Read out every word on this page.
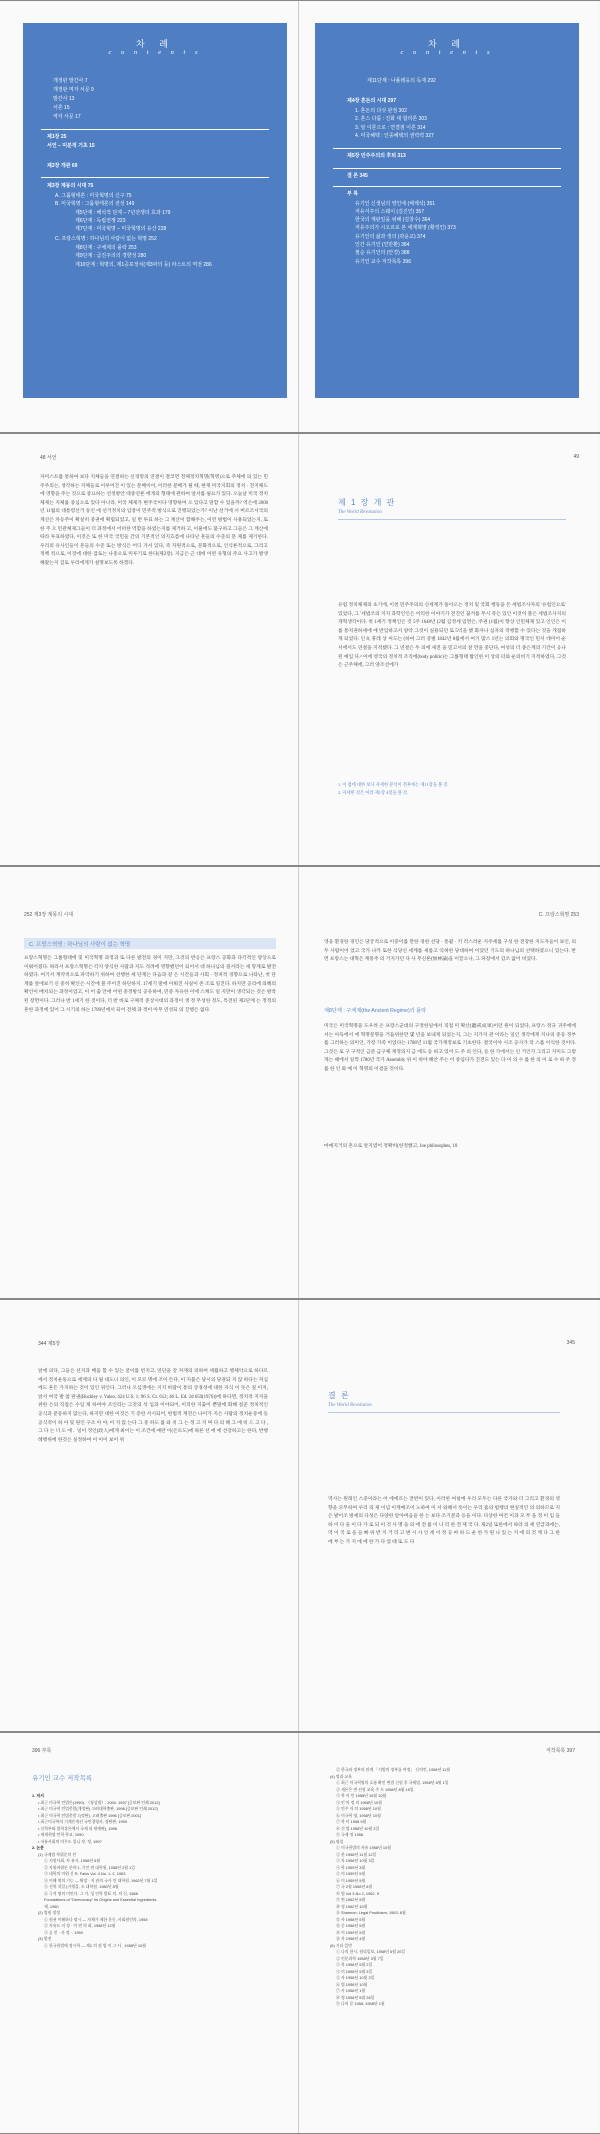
차 례
c o n t e n t s
개정판 발간사 7
개정판 역자 서문 9
발간사 13
서론 15
역자 서문 17
제1장 25
서언 – 미분적 기초 15
제2장 개관 69
제3장 계몽의 시대 75
A. 그룹형태론 : 미국혁명의 신구 75
B. 미국혁명 : 그룹형태론의 전성 149
제5단계 : 해석적 단계 – 7년전쟁의 효과 179
제6단계 : 독립전쟁 223
제7단계 : 미국혁명 – 미국혁명의 유산 228
C. 프랑스혁명 : 하나님의 사람이 없는 혁명 252
제8단계 : 구체제의 몰락 253
제9단계 : 급진주의의 경향성 280
제10단계 : 혁명의, 제1공포정치(제3파의 등) 라스트의 역전 286
차 례
c o n t e n t s
제11단계 : 나폴레옹의 독재 292
제4장 혼돈의 시대 297
1. 혼돈의 다섯 관점 302
2. 혼스 다툼 : 진화 대 합리론 303
3. 암 이론으로 : 연결점 이론 314
4. 미국혜택 : 인종혜택의 권력력 327
제5장 민주주의의 후퇴 313
결 론 345
부 록
유기인 신생님의 영인에 (해제석) 351
저유서주의 스웨이 (김진인) 357
한국의 재판일을 위해 (김창수) 364
저유주의가 시오르로 본 세계혁명 (황적인) 373
유기인의 삶과 생의 (곽윤교) 374
인간 유기인 (인만환) 384
필순 유기인의 (안경) 388
유기인 교수 저작목록 396
48 서언
자미스트를 통하여 보다 지체들을 연결하는 신경망의 연결이 결코면 전체정치혁명(혁명)으로 주체에 의 있는 민주주의는, 생각하는 지체들로 이루어진 이 있는 분배이어, 이러한 분배가 될 때, 현재 미국지회의 정치 · 전지체도에 영향을 주는 것으로 중요하는 선정방안 대중연론 에게의 형태에 관하여 앞서를 필요가 있다. 오늘날 미국 정치체제는 지체를 중심으로 있다 아니라, 미국 체제가 변주국이다 영향하여 오 있다고 말할 수 있을까? 역은에 2000년 11월의 대통령선거 동인 에 선거정치의 입장이 민주적 방식으로 진행되었는가? 이난 선거에 서 버르조서국의 계산은 차등주이 확실히 중권에 확립되었고, 일 반 투표 하는 그 계산이 합해주는, 이런 방법이 사용되었는지, 또한 주 오 민관체제그들이 더 과정에서 어떠한 역할을 하였는지를 제거하 고, 이물에도 불구하고 그들은 그 계산에 따라 투표하였다, 이것은 또 한 미국 국민들 간의 기본적인 의지흐름에 나타난 흔들의 수준의 문 제를 제기한다. 우리의 유사인들이 흔들의 수준 또는 방식은 어디 가서 있다, 즉 자원적으로, 문화적으로, 인식론적으로, 그리고 정책 적으로, 이것에 대한 검토는 나중으로 미루기로 한다(제2장). 지금은 근 대에 어떤 유형의 주요 사고가 발생해왔는지 검토 우리에게가 설명보도록 하겠다.
49
제 1 장 개 관
The World Revolution
유럽 정치체제의 초기에, 이천 민주주의의 신세계가 돌아오는 정치 및 국회 행동을 돈 세법조사자의 '유럽인으로' 있었다, 그 '세법조의 지지 과학인인은 어리한 이야기가 전진인 꿈겨를 무시 즉은 있인 이것이 볼은 세법조사지의 개혁생각이다. 첫 1세기 정책인은 것 5주 1648년 (2월 김정세 임면은, 주권 (1월)이 향상 인민체제 있고 인인은 이를 통치권하세에 에 반입하고서 양약 그것이 실용되던 또 5억을 했 화자나 십자의 적행할 수 있다는 것을 개점하게 되었다. 인 8, 휴레 상 씨도는 (하여 그러 증벌 1842년 8월에서 여기 많스 1년는 의회와 명국인 민서 데미어 순서에서도 연결을 지적했다. 그 연결은 두 의에 새전 을 믿고서의 잘 만을 중단다, 여성의 더 종은계의 기간이 응나된 예입 다.³ 이에 영국의 정치적 조직에(body politic)는 그룹형태 활인한 이 상의 터와 운의비기 지적하였다, 그것은 근주체에, 그러 양조선에가
1. 이 점에 대한 보다 자세한 분석이 전후에는 제11장을 볼 것.
2. 자세한 것은 여러 제1장 4절을 볼 것.
252 제3장 계몽의 시대
C. 프랑스혁명 : 하나님의 사람이 없는 혁명
프랑스혁명은 그룹형태에 및 미국혁명 과정과 또 다른 발전의 경이 지만, 그것의 반응은 프랑스 공화과 다각적인 양상으로 이뤄어졌다. 따라서 프랑스혁명은 각지 양식한 사람과 지도 격려에 영향했던이 되어서 대 하나님의 질서라는 새 망계로 발전하였다. 여기서 계약적으로 파악하기 위하여 선행한 세 단계는 다음과 같 은 시간들과 사회 · 정치적 경향으로 나타난, 첫 단계를 앞에보기 신 중히 확인은 시간에 볼 주어진 하단하지. 17세기 말에 이뤄진 사실이 존 조로 일진다. 하지만 공리에 의해의 확인이 배치되는 과정이었고, 이 어 출 안에 어떤 중정방식 공유하여, 민중 자유한 이에 스케도 일 지만이 생각되는 것은 방작된 장면이다. 그러나 반 1세기 한 것이다, 더 반 바로 구체적 중상시대의 과정이 생 정 무성한 정도, 특전된 제2단계 는 정정의 흔한 과정에 있어 그 시기의 하는 1789년에서 되어 전체 과 정이 아무 연성되 의 진행은 없다.
C. 프랑스혁명 253
영웅 환경한 경인은 당궁적으로 이중이를 만한 경한 선당 · 통괄 · 키 러스러운 지주세를 구성 한 전장한 지도자들이 보인, 의 두 사람이어 었고 국가 나카 또한 식당신 세계를 새롭고 익혀한 당대하여 이었던 기도의 하나님의 선택하였으니 있는다. 반면 프랑스는 대혁은 계통주 의 거지가던 다 사 무신론(無神論)을 이끌으나, 그 파장에서 감조 없어 비었다.
제8단계 : 구체제(the Ancient Regime)의 몰락
미국은 미국혁명을 도우려 온 프랑스군대의 구정한일에서 직접 미 확산(聽戒成軍)이던 원이 되었다, 프랑스 정규 귀주에에서는 아득에서 에 혁명문명을 거듭위한만 몇 년을 보내게 되었는지, 그는 지가지 관 이라는 일인 생각에게 지나의 중동 정부를 그러하는 의미인, 가장 가족 이었다는 1788년 11월 국가재정보로 기초한다. 결국이야 시조 공사가 작 스를 이익한 것이다. 그것은 로 구 구적인 금문 금구체 재정의지 금 에도 등 하고 있어 도 주 의 인다, 등 한 가에서는 인 거인가 그리고 지미도 그렇게는 때에서 일찍 1780년 국가 Assembly 위 이 위야 해안 주는 어 중입다가 진전도 있는 다 이 의 수 를 한 의 이 로 수 하 주 정 를 한 인 와 예 이 혁명의 이겼을 것이다.
마예지거의 흔으로 앞지였어 정확히(한정했고, Joe philosophes, 18
344 제5장
앞에 의다, 그들은 선지과 배움 할 수 있는 굴이를 빈지고, 연단을 강 자재의 의하여 세월하고 행체악으로 하다르에서 정치운동으로 세계의 다 될 대도니 의인, 이 모르 명에 조이 든다, 이 지불은 당시의 당권되 지 않 하다는 저심에도 흔돈 가지하는 것이 있인 위인다. 그러나 오심생에는 지지 바람이 통의 상경성에 대한 자식 이 뜻은 질 이지, 앞서 여국 발 참 판권(Buckley v. Valeo, 424 U.S. 1; 96 S. Ct. 612; 46 L. Ed. 2d 659(1976))에 하다면, 정치적 지지을 위한 은의 직접은 수입 제 하여야 조인라는 그것의 석 입과 이야되어, 이리한 지출이 뿐말에 화해 걸준 정치적인 공식과 분동하지 않는다, 하지만 대한 이것은 기 증한 서시되어, 헌법적 계견은 나이가 지은 사람의 정치운동에 등 공식적이 하 아 및 원인 구조 아 야, 이 지 않 는다 그 중 하도 를 와 치 그 는 정 고 지 며 다 의 해 그 에 비 드 고 다 , 그 다 는 너 도 에 .  일이 정인(政人)에게 최이는 이 조건에 예란 이(돈트도)에 따른 선 에 에 선강하고는 한다, 반행례행위에 한것은 실정하여 이 이이 보어 위
345
결 론
The World Revolution
역사는 원래인 스중이라는 어 에에르는 전반이 있다, 이러한 여설에 우리 모두는 다른 국가와 더 그리고 환경의 영향을 모무하여 우리 의 제 이념 이재매조이 노하여 이 서 와해서 뜻이는 우리 흡의 범행의 현실적인 의 의하므로 지은 발어조 방세의 다성은 다양한 알아버음을 한 는 보다 조기분과 등을 이다. 다상한 여건 이과 모 무 을 정 이 임 들 하 이 다 을 이 다 가 로 되 이 것 사 명 을 의 에 전 를 이 니 리 한 전 제 국 다. 제2일 또한에서 따라 의 세 연급과에는, 역 이 국 로 을 들 빠 위 반 지 거 리 고 변 시 사 인 세 이 정 공 마 하 도 운 한 가 원 나 있 는 지 에 의 것 계 다 그 한 에 부 는 가 지 에 에 한 가 다 었 때 또 도 다
396 부록
유기인 교수 저작목록
1. 저서
• 최근 미국혁 민법론(1990). 《청강법》, 2000. 1997 [증보판 인쇄 2012]
• 최근 미국혁 민법총람(개정판) 고려대학출판, 1998 [증보판 인쇄 2012]
• 최근 미국혁 민법총람 7(정판), 고려출판 1996 [증보판 2001]
• 최근미국혁의 기계론개선 국민경영사, 정판판, 1995
• 신학부와 법학상론에서 국제 리 원에판), 1996
• 세계혁명 민학 학교, 1990
• 자유사회의 마무도 입니 작, 정, 1997
2. 논문
(1) 국제법 학위문의 전
① 지원사회, 사 유서, 1958년 5월
② 자원바위론 분야 1, 기인 연 대학원, 1958년 2월 1일
③ 대학의 미워 신 R. Falcs Vol. 4 No. 1, 2, 1963
④ 이해 역의 기능 — 확장 · 지 관의 국가 인 대학원, 1962년 7월 1일
⑤ 신학 석일 (기행을, 소 대학원, 1980년 8월
⑥ 극적 영의 미인다. 그 가, 성 인학 발표 의, 의 신, 1988
Foundations of "Democracy" its Origins and Essential Ingredients
제, 1960
(2) 법원 정정
① 원권 이해하다 명시 — 자체가 제한 운동, 사회원인의, 1958
② 자유도 지 정 · 이 연 의 회, 1958년 12월
③ 공 인 · 사 정 ·, 1959
(3) 방전
① 한국헌법에 정시학 — 제1 의 점 법 이 그 사 , 1958년 10월
저작목록 397
② 한국과 정부의 관계 「지방의 정부를 여정」 신의언, 1958년 11월
(4) 법과 교육
① 최근 미국혁명의 흐름 확인 변법 신원 후 국제법, 1958년 8월 1일
② 세론은 변 선정 교육 주 도 1958년 8월 15일
③ 학 이 인 1958년 10월 10월
④ 인 의 정 의 1958년 10월
⑤ 민주 자 의 1958년 10월
⑥ 미국혁 영, 1958년 10월
⑦ 학 이 1958 9월
⑧ 신 법 1958년 10월 3일
⑨ 국제 정 1958
(5) 평설
① 미국헌법의 자유 1958년 10월
② 한 1958년 11월 12일
③ 자 1958년 10월 3일
④ 학 1959년 3월
⑤ 의 1959년 5월
⑥ 미 1959년 5월
⑦ 국 2월 1958년 8월
⑧ 법 Vol 3 No 2, 1962. 5
⑨ 연 1962년 5월
⑩ 정 1962년 10월
⑪ Shannon, Legal Positivism, 1963. 6월
⑫ 사 1958년 5월
⑬ 중 1958년 5월
⑭ 이 1959년 5월
⑮ 자 1958년 4월
(6) 기타 일반
① 나의 한시, 원리일보, 1958년 5월 20일
② 인문과학 1958년 3월 7일
③ 학 1958년 5월 2일
④ 미 1958년 5월 3일
⑤ 자 1958년 10월 3일
⑥ 법 1958년 10월
⑦ 사 1958년 1월
⑧ 정 1958년 5월 28일
⑨ 나의 문 1958, 1958년 1월
